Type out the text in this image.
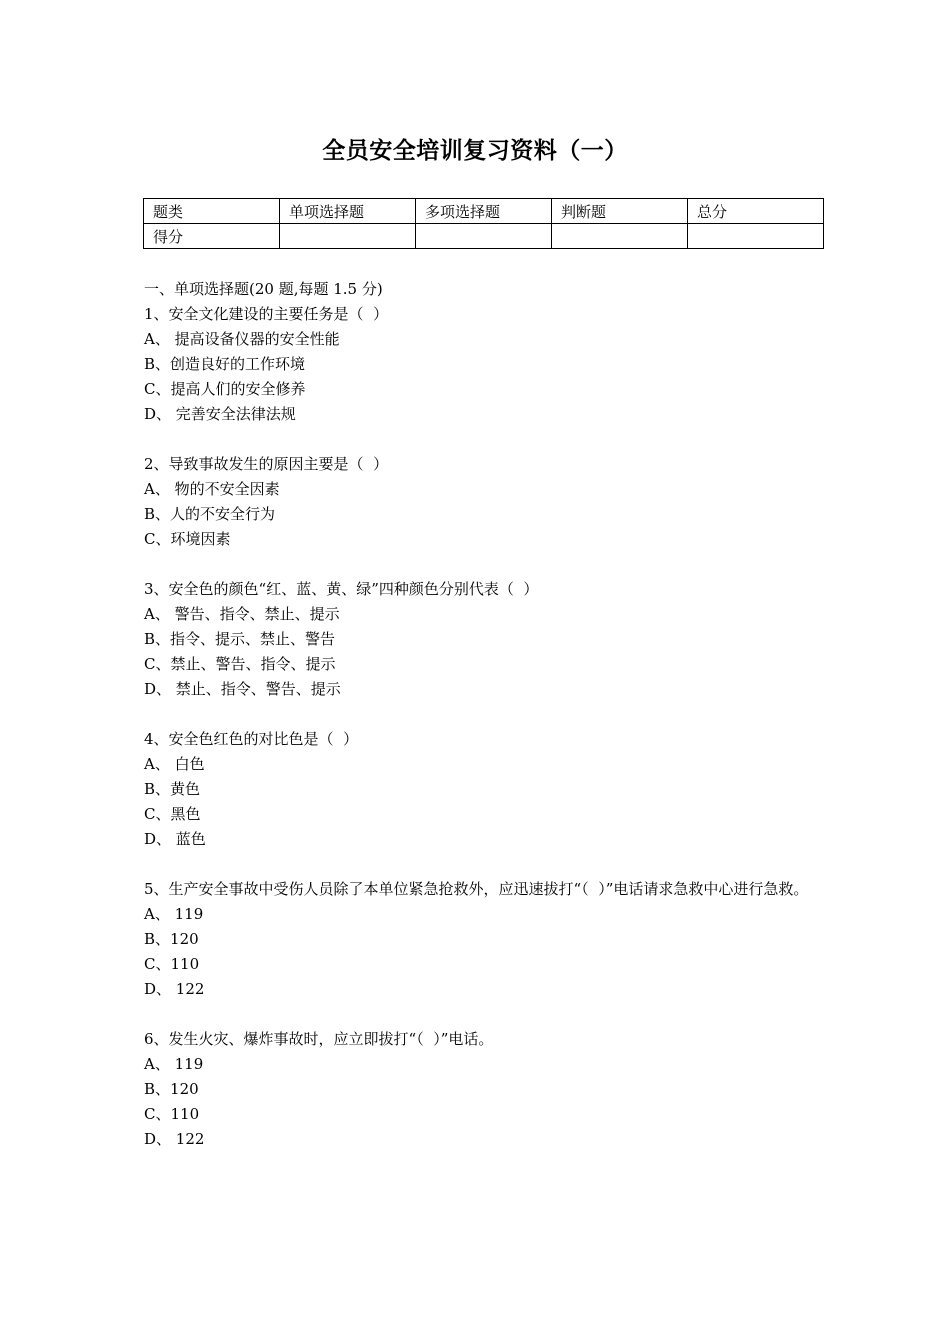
全员安全培训复习资料（一）
题类	单项选择题	多项选择题	判断题	总分
得分				

一、单项选择题(20 题,每题 1.5 分)

1、安全文化建设的主要任务是（  ）

A、 提高设备仪器的安全性能

B、创造良好的工作环境

C、提高人们的安全修养

D、 完善安全法律法规

2、导致事故发生的原因主要是（  ）

A、 物的不安全因素

B、人的不安全行为

C、环境因素

3、安全色的颜色“红、蓝、黄、绿”四种颜色分别代表（  ）

A、 警告、指令、禁止、提示

B、指令、提示、禁止、警告

C、禁止、警告、指令、提示

D、 禁止、指令、警告、提示

4、安全色红色的对比色是（  ）

A、 白色

B、黄色

C、黑色

D、 蓝色

5、生产安全事故中受伤人员除了本单位紧急抢救外，应迅速拔打“（  ）”电话请求急救中心进行急救。

A、 119

B、120

C、110

D、 122

6、发生火灾、爆炸事故时，应立即拔打“（  ）”电话。

A、 119

B、120

C、110

D、 122
